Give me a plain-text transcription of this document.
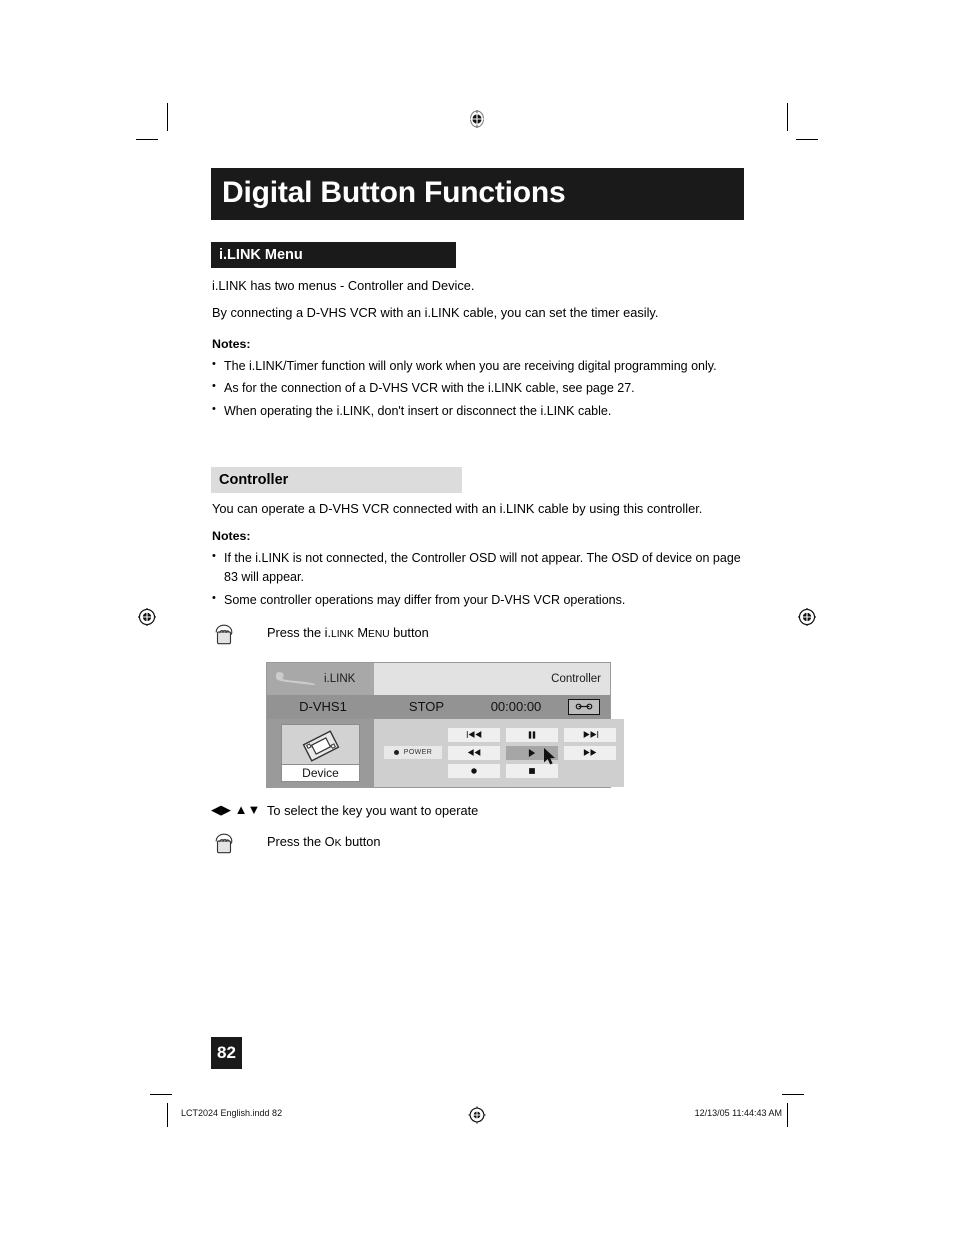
Digital Button Functions
i.LINK Menu

i.LINK has two menus - Controller and Device.

By connecting a D-VHS VCR with an i.LINK cable, you can set the timer easily.

Notes:
• The i.LINK/Timer function will only work when you are receiving digital programming only.
• As for the connection of a D-VHS VCR with the i.LINK cable, see page 27.
• When operating the i.LINK, don't insert or disconnect the i.LINK cable.
Controller

You can operate a D-VHS VCR connected with an i.LINK cable by using this controller.

Notes:
• If the i.LINK is not connected, the Controller OSD will not appear. The OSD of device on page 83 will appear.
• Some controller operations may differ from your D-VHS VCR operations.
Press the i.LINK MENU button
i.LINK	Controller
D-VHS1	STOP	00:00:00
Device
POWER
◀▶ ▲▼ To select the key you want to operate
Press the OK button
82
LCT2024 English.indd 82	12/13/05 11:44:43 AM
